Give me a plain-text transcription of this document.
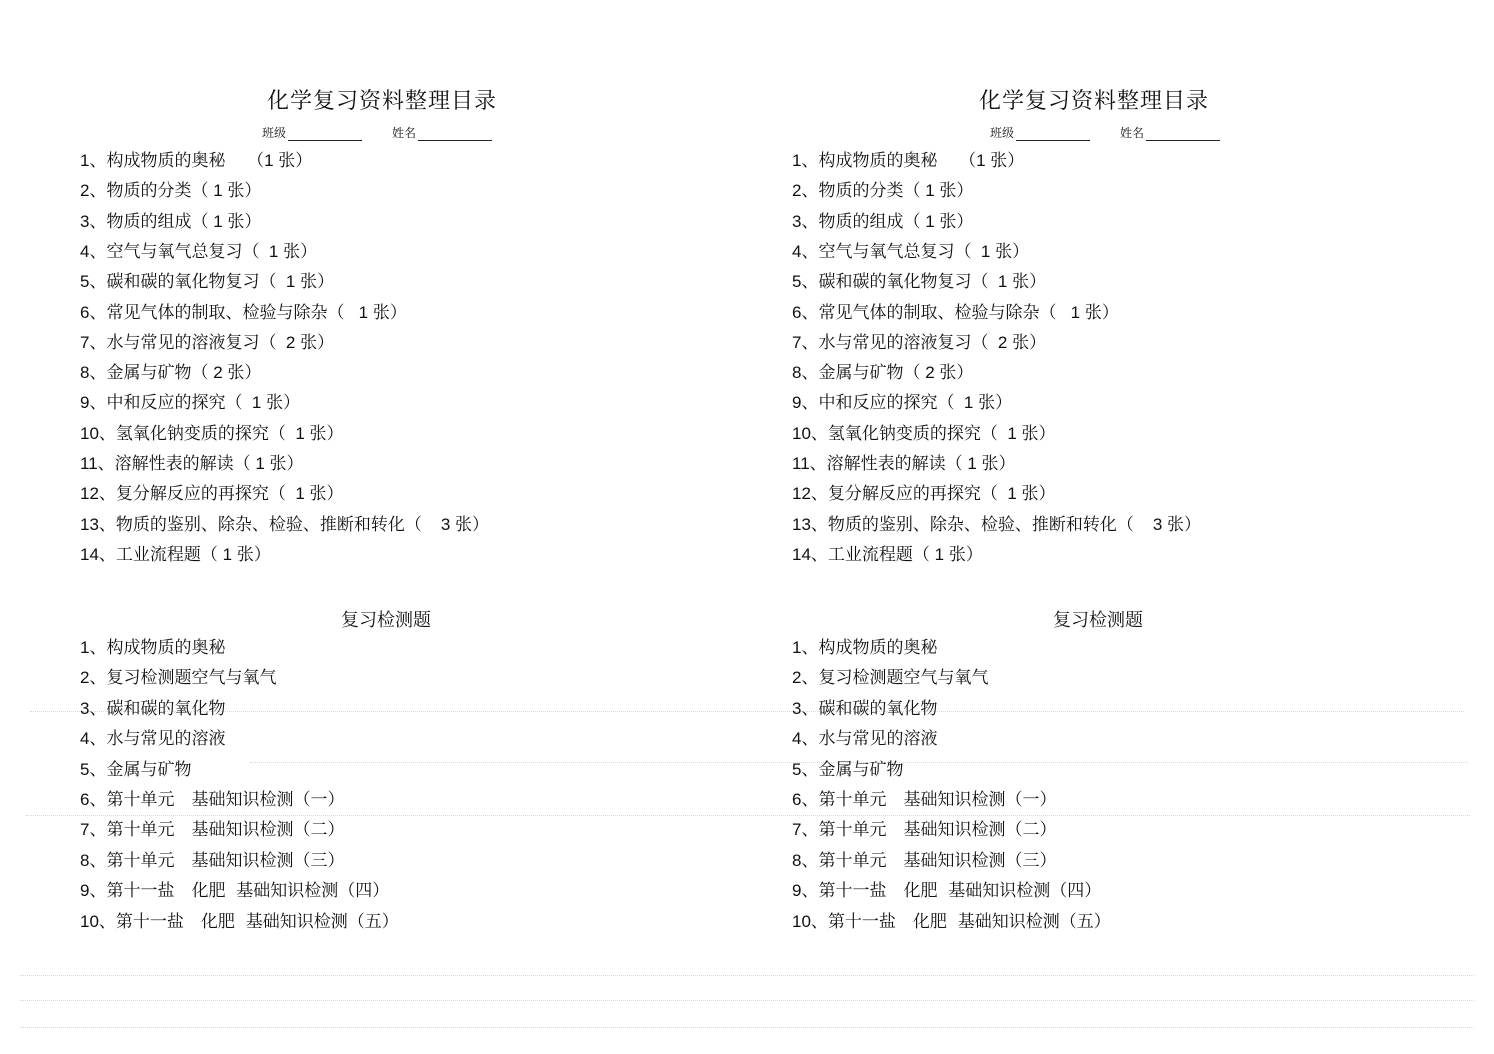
化学复习资料整理目录
班级	姓名
1、构成物质的奥秘 （1 张）
2、物质的分类（ 1 张）
3、物质的组成（ 1 张）
4、空气与氧气总复习（  1 张）
5、碳和碳的氧化物复习（  1 张）
6、常见气体的制取、检验与除杂（   1 张）
7、水与常见的溶液复习（  2 张）
8、金属与矿物（ 2 张）
9、中和反应的探究（  1 张）
10、氢氧化钠变质的探究（  1 张）
11、溶解性表的解读（ 1 张）
12、复分解反应的再探究（  1 张）
13、物质的鉴别、除杂、检验、推断和转化（    3 张）
14、工业流程题（ 1 张）
复习检测题
1、构成物质的奥秘
2、复习检测题空气与氧气
3、碳和碳的氧化物
4、水与常见的溶液
5、金属与矿物
6、第十单元　基础知识检测（一）
7、第十单元　基础知识检测（二）
8、第十单元　基础知识检测（三）
9、第十一盐　化肥  基础知识检测（四）
10、第十一盐　化肥  基础知识检测（五）
化学复习资料整理目录
班级	姓名
1、构成物质的奥秘 （1 张）
2、物质的分类（ 1 张）
3、物质的组成（ 1 张）
4、空气与氧气总复习（  1 张）
5、碳和碳的氧化物复习（  1 张）
6、常见气体的制取、检验与除杂（   1 张）
7、水与常见的溶液复习（  2 张）
8、金属与矿物（ 2 张）
9、中和反应的探究（  1 张）
10、氢氧化钠变质的探究（  1 张）
11、溶解性表的解读（ 1 张）
12、复分解反应的再探究（  1 张）
13、物质的鉴别、除杂、检验、推断和转化（    3 张）
14、工业流程题（ 1 张）
复习检测题
1、构成物质的奥秘
2、复习检测题空气与氧气
3、碳和碳的氧化物
4、水与常见的溶液
5、金属与矿物
6、第十单元　基础知识检测（一）
7、第十单元　基础知识检测（二）
8、第十单元　基础知识检测（三）
9、第十一盐　化肥  基础知识检测（四）
10、第十一盐　化肥  基础知识检测（五）
